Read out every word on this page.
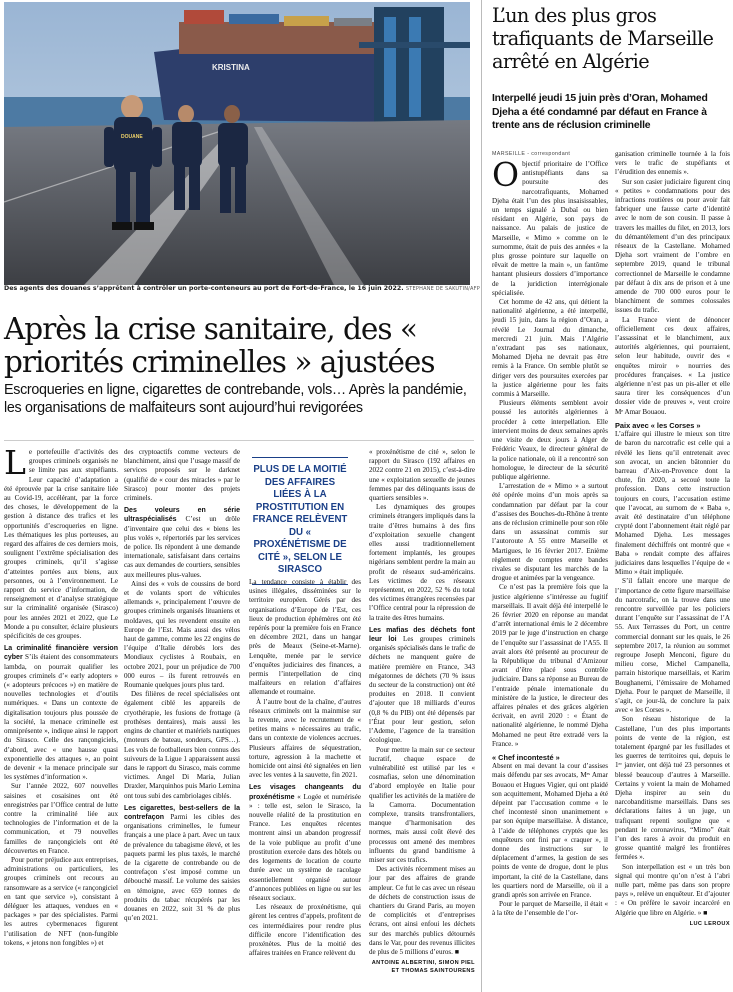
KRISTINA
DOUANE
Des agents des douanes s’apprêtent à contrôler un porte-conteneurs au port de Fort-de-France, le 16 juin 2022. STEPHANE DE SAKUTIN/AFP
Après la crise sanitaire, des « priorités criminelles » ajustées

Escroqueries en ligne, cigarettes de contrebande, vols… Après la pandémie, les organisations de malfaiteurs sont aujourd’hui revigorées

Le portefeuille d’activités des groupes criminels organisés ne se limite pas aux stupéfiants. Leur capacité d’adaptation a été éprouvée par la crise sanitaire liée au Covid-19, accélérant, par la force des choses, le développement de la gestion à distance des trafics et les opportunités d’escroqueries en ligne. Les thématiques les plus porteuses, au regard des affaires de ces derniers mois, soulignent l’extrême spécialisation des groupes criminels, qu’il s’agisse d’atteintes portées aux biens, aux personnes, ou à l’environnement. Le rapport du service d’information, de renseignement et d’analyse stratégique sur la criminalité organisée (Sirasco) pour les années 2021 et 2022, que Le Monde a pu consulter, éclaire plusieurs spécificités de ces groupes.

La criminalité financière version cyber S’ils étaient des consommateurs lambda, on pourrait qualifier les groupes criminels d’« early adopters » (« adopteurs précoces ») en matière de nouvelles technologies et d’outils numériques. « Dans un contexte de digitalisation toujours plus poussée de la société, la menace criminelle est omniprésente », indique ainsi le rapport du Sirasco. Celle des rançongiciels, d’abord, avec « une hausse quasi exponentielle des attaques », au point de devenir « la menace principale sur les systèmes d’information ».

Sur l’année 2022, 607 nouvelles saisines et cosaisines ont été enregistrées par l’Office central de lutte contre la criminalité liée aux technologies de l’information et de la communication, et 79 nouvelles familles de rançongiciels ont été découvertes en France.

Pour porter préjudice aux entreprises, administrations ou particuliers, les groupes criminels ont recours au ransomware as a service (« rançongiciel en tant que service »), consistant à déléguer les attaques, vendues en « packages » par des spécialistes. Parmi les autres cybermenaces figurent l’utilisation de NFT (non-fungible tokens, « jetons non fongibles ») et

des cryptoactifs comme vecteurs de blanchiment, ainsi que l’usage massif de services proposés sur le darknet (qualifié de « cour des miracles » par le Sirasco) pour monter des projets criminels.

Des voleurs en série ultraspécialisés C’est un drôle d’inventaire que celui des « biens les plus volés », répertoriés par les services de police. Ils répondent à une demande internationale, satisfaisant dans certains cas aux demandes de courtiers, sensibles aux meilleures plus-values.

Ainsi des « vols de coussins de bord et de volants sport de véhicules allemands », principalement l’œuvre de groupes criminels organisés lituaniens et moldaves, qui les revendent ensuite en Europe de l’Est. Mais aussi des vélos haut de gamme, comme les 22 engins de l’équipe d’Italie dérobés lors des Mondiaux cyclistes à Roubaix, en octobre 2021, pour un préjudice de 700 000 euros – ils furent retrouvés en Roumanie quelques jours plus tard.

Des filières de recel spécialisées ont également ciblé les appareils de cryothérapie, les fusions de frottage (à prothèses dentaires), mais aussi les engins de chantier et matériels nautiques (moteurs de bateau, sondeurs, GPS…). Les vols de footballeurs bien connus des suiveurs de la Ligue 1 apparaissent aussi dans le rapport du Sirasco, mais comme victimes. Angel Di Maria, Julian Draxler, Marquinhos puis Mario Lemina ont tous subi des cambriolages ciblés.

Les cigarettes, best-sellers de la contrefaçon Parmi les cibles des organisations criminelles, le fumeur français a une place à part. Avec un taux de prévalence du tabagisme élevé, et les paquets parmi les plus taxés, le marché de la cigarette de contrebande ou de contrefaçon s’est imposé comme un débouché massif. Le volume des saisies en témoigne, avec 659 tonnes de produits du tabac récupérés par les douanes en 2022, soit 31 % de plus qu’en 2021.

PLUS DE LA MOITIÉ DES AFFAIRES LIÉES À LA PROSTITUTION EN FRANCE RELÈVENT DU « PROXÉNÉTISME DE CITÉ », SELON LE SIRASCO

La tendance consiste à établir des usines illégales, disséminées sur le territoire européen. Gérés par des organisations d’Europe de l’Est, ces lieux de production éphémères ont été repérés pour la première fois en France en décembre 2021, dans un hangar près de Meaux (Seine-et-Marne). Lenquête, menée par le service d’enquêtes judiciaires des finances, a permis l’interpellation de cinq malfaiteurs en relation d’affaires allemande et roumaine.

À l’autre bout de la chaîne, d’autres réseaux criminels ont la mainmise sur la revente, avec le recrutement de « petites mains » nécessaires au trafic, dans un contexte de violences accrues. Plusieurs affaires de séquestration, torture, agression à la machette et homicide ont ainsi été signalées en lien avec les ventes à la sauvette, fin 2021.

Les visages changeants du proxénétisme « Logée et numérisée » : telle est, selon le Sirasco, la nouvelle réalité de la prostitution en France. Les enquêtes récentes montrent ainsi un abandon progressif de la voie publique au profit d’une prostitution exercée dans des hôtels ou des logements de location de courte durée avec un système de racolage essentiellement organisé autour d’annonces publiées en ligne ou sur les réseaux sociaux.

Les réseaux de proxénétisme, qui gèrent les centres d’appels, profitent de ces intermédiaires pour rendre plus difficile encore l’identification des proxénètes. Plus de la moitié des affaires traitées en France relèvent du

« proxénétisme de cité », selon le rapport du Sirasco (192 affaires en 2022 contre 21 en 2015), c’est-à-dire une « exploitation sexuelle de jeunes femmes par des délinquants issus de quartiers sensibles ».

Les dynamiques des groupes criminels étrangers impliqués dans la traite d’êtres humains à des fins d’exploitation sexuelle changent elles aussi traditionnellement fortement implantés, les groupes nigérians semblent perdre la main au profit de réseaux sud-américains. Les victimes de ces réseaux représentent, en 2022, 52 % du total des victimes étrangères recensées par l’Office central pour la répression de la traite des êtres humains.

Les mafias des déchets font leur loi Les groupes criminels organisés spécialisés dans le trafic de déchets ne manquent guère de matière première en France, 343 mégatonnes de déchets (70 % issus du secteur de la construction) ont été produites en 2018. Il convient d’ajouter que 18 milliards d’euros (0,8 % du PIB) ont été dépensés par l’État pour leur gestion, selon l’Ademe, l’agence de la transition écologique.

Pour mettre la main sur ce secteur lucratif, chaque espace de vulnérabilité est utilisé par les « cosmafias, selon une dénomination d’abord employée en Italie pour qualifier les activités de la matière de la Camorra. Documentation complexe, transits transfrontaliers, manque d’harmonisation des normes, mais aussi coût élevé des processus ont amené des membres influents du grand banditisme à miser sur ces trafics.

Des activités récemment mises au jour par des affaires de grande ampleur. Ce fut le cas avec un réseau de déchets de construction issus de chantiers du Grand Paris, au moyen de complicités et d’entreprises écrans, ont ainsi enfoui les déchets sur des marchés publics détournés dans le Var, pour des revenus illicites de plus de 5 millions d’euros. ■

ANTOINE ALBERTINI, SIMON PIEL ET THOMAS SAINTOURENS
L’un des plus gros trafiquants de Marseille arrêté en Algérie

Interpellé jeudi 15 juin près d’Oran, Mohamed Djeha a été condamné par défaut en France à trente ans de réclusion criminelle

MARSEILLE - correspondant

Objectif prioritaire de l’Office antistupéfiants dans sa poursuite des narcotrafiquants, Mohamed Djeha était l’un des plus insaisissables, un temps signalé à Dubaï ou bien résidant en Algérie, son pays de naissance. Au palais de justice de Marseille, « Mimo » comme on le surnomme, était de puis des années « la plus grosse pointure sur laquelle on rêvait de mettre la main », un fantôme hantant plusieurs dossiers d’importance de la juridiction interrégionale spécialisée.

Cet homme de 42 ans, qui détient la nationalité algérienne, a été interpellé, jeudi 15 juin, dans la région d’Oran, a révélé Le Journal du dimanche, mercredi 21 juin. Mais l’Algérie n’extradant pas ses nationaux, Mohamed Djeha ne devrait pas être remis à la France. On semble plutôt se diriger vers des poursuites exercées par la justice algérienne pour les faits commis à Marseille.

Plusieurs éléments semblent avoir poussé les autorités algériennes à procéder à cette interpellation. Elle intervient moins de deux semaines après une visite de deux jours à Alger de Frédéric Veaux, le directeur général de la police nationale, où il a rencontré son homologue, le directeur de la sécurité publique algérienne.

L’arrestation de « Mimo » a surtout été opérée moins d’un mois après sa condamnation par défaut par la cour d’assises des Bouches-du-Rhône à trente ans de réclusion criminelle pour son rôle dans un assassinat commis sur l’autoroute A 55 entre Marseille et Martigues, le 16 février 2017. Enième règlement de comptes entre bandes rivales se disputant les marchés de la drogue et animées par la vengeance.

Ce n’est pas la première fois que la justice algérienne s’intéresse au fugitif marseillais. Il avait déjà été interpellé le 26 février 2020 en réponse au mandat d’arrêt international émis le 2 décembre 2019 par le juge d’instruction en charge de l’enquête sur l’assassinat de l’A55. Il avait alors été présenté au procureur de la République du tribunal d’Amizour avant d’être placé sous contrôle judiciaire. Dans sa réponse au Bureau de l’entraide pénale internationale du ministère de la justice, le directeur des affaires pénales et des grâces algérien écrivait, en avril 2020 : « Étant de nationalité algérienne, le nommé Djeha Mohamed ne peut être extradé vers la France. »

« Chef incontesté »

Absent en mai devant la cour d’assises mais défendu par ses avocats, Mᵉˢ Amar Bouaou et Hugues Vigier, qui ont plaidé son acquittement, Mohamed Djeha a été dépeint par l’accusation comme « le chef incontesté sinon unanimement » par son équipe marseillaise. À distance, à l’aide de téléphones cryptés que les enquêteurs ont fini par « craquer », il donne des instructions sur le déplacement d’armes, la gestion de ses points de vente de drogue, dont le plus important, la cité de la Castellane, dans les quartiers nord de Marseille, où il a grandi après son arrivée en France.

Pour le parquet de Marseille, il était « à la tête de l’ensemble de l’or-

ganisation criminelle tournée à la fois vers le trafic de stupéfiants et l’érudition des ennemis ».

Sur son casier judiciaire figurent cinq « petites » condamnations pour des infractions routières ou pour avoir fait fabriquer une fausse carte d’identité avec le nom de son cousin. Il passe à travers les mailles du filet, en 2013, lors du démantèlement d’un des principaux réseaux de la Castellane. Mohamed Djeha sort vraiment de l’ombre en septembre 2019, quand le tribunal correctionnel de Marseille le condamne par défaut à dix ans de prison et à une amende de 700 000 euros pour le blanchiment de sommes colossales issues du trafic.

La France vient de dénoncer officiellement ces deux affaires, l’assassinat et le blanchiment, aux autorités algériennes, qui pourraient, selon leur habitude, ouvrir des « enquêtes miroir » nourries des procédures françaises. « La justice algérienne n’est pas un pis-aller et elle saura tirer les conséquences d’un dossier vide de preuves », veut croire Mᵉ Amar Bouaou.

Paix avec « les Corses »

L’affaire qui illustre le mieux son titre de baron du narcotrafic est celle qui a révélé les liens qu’il entretenait avec son avocat, un ancien bâtonnier du barreau d’Aix-en-Provence dont la chute, fin 2020, a secoué toute la profession. Dans cette instruction toujours en cours, l’accusation estime que l’avocat, au surnom de « Baba », avait été destinataire d’un téléphone crypté dont l’abonnement était réglé par Mohamed Djeha. Les messages finalement déchiffrés ont montré que « Baba » rendait compte des affaires judiciaires dans lesquelles l’équipe de « Mimo » était impliquée.

S’il fallait encore une marque de l’importance de cette figure marseillaise du narcotrafic, on la trouve dans une rencontre surveillée par les policiers durant l’enquête sur l’assassinat de l’A 55. Aux Terrasses du Port, un centre commercial donnant sur les quais, le 26 septembre 2017, la réunion au sommet regroupe Joseph Menconi, figure du milieu corse, Michel Campanella, parrain historique marseillais, et Karim Boughanemi, l’émissaire de Mohamed Djeha. Pour le parquet de Marseille, il s’agit, ce jour-là, de conclure la paix avec « les Corses ».

Son réseau historique de la Castellane, l’un des plus importants points de vente de la région, est totalement épargné par les fusillades et les guerres de territoires qui, depuis le 1ᵉʳ janvier, ont déjà tué 23 personnes et blessé beaucoup d’autres à Marseille. Certains y voient la main de Mohamed Djeha inspirer au sein du narcobanditisme marseillais. Dans ses déclarations faites à un juge, un trafiquant repenti souligne que « pendant le coronavirus, “Mimo” était l’un des rares à avoir du produit en grosse quantité malgré les frontières fermées ».

Son interpellation est « un très bon signal qui montre qu’on n’est à l’abri nulle part, même pas dans son propre pays », relève un enquêteur. Et d’ajouter : « On préfère le savoir incarcéré en Algérie que libre en Algérie. » ■

LUC LEROUX
